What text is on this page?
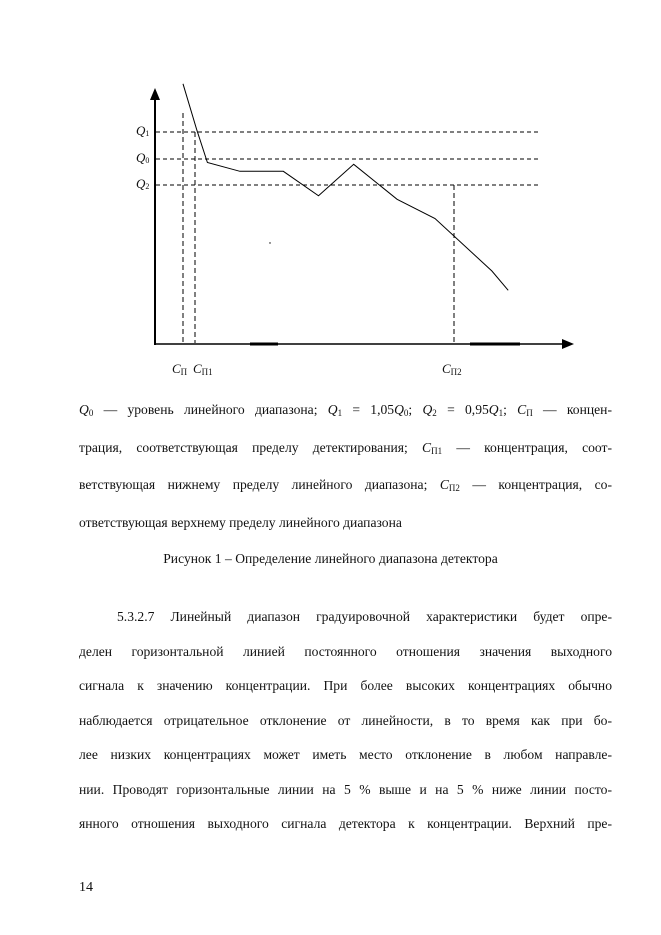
$Q_1$
$Q_0$
$Q_2$
$C_П$ $C_{П1}$	$C_{П2}$
$Q_0$ — уровень линейного диапазона; $Q_1 = 1,05Q_0$; $Q_2 = 0,95Q_1$; $C_П$ — концен-
трация, соответствующая пределу детектирования; $C_{П1}$ — концентрация, соот-
ветствующая нижнему пределу линейного диапазона; $C_{П2}$ — концентрация, со-
ответствующая верхнему пределу линейного диапазона
Рисунок 1 – Определение линейного диапазона детектора
5.3.2.7 Линейный диапазон градуировочной характеристики будет опре-
делен горизонтальной линией постоянного отношения значения выходного
сигнала к значению концентрации. При более высоких концентрациях обычно
наблюдается отрицательное отклонение от линейности, в то время как при бо-
лее низких концентрациях может иметь место отклонение в любом направле-
нии. Проводят горизонтальные линии на 5 % выше и на 5 % ниже линии посто-
янного отношения выходного сигнала детектора к концентрации. Верхний пре-
14
